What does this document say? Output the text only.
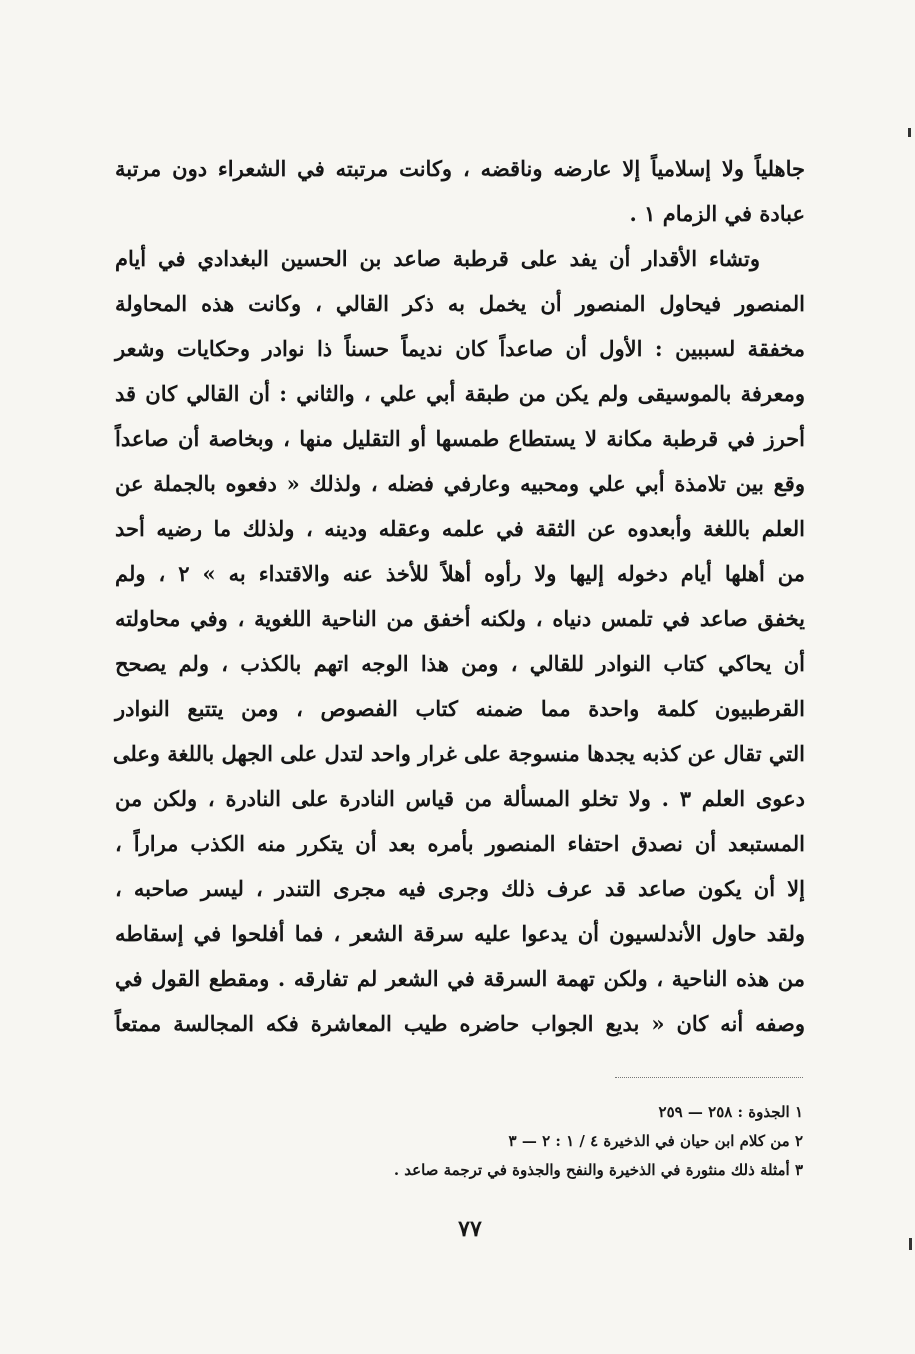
جاهلياً ولا إسلامياً إلا عارضه وناقضه ، وكانت مرتبته في الشعراء دون مرتبة
عبادة في الزمام ١ .
وتشاء الأقدار أن يفد على قرطبة صاعد بن الحسين البغدادي في أيام
المنصور فيحاول المنصور أن يخمل به ذكر القالي ، وكانت هذه المحاولة
مخفقة لسببين : الأول أن صاعداً كان نديماً حسناً ذا نوادر وحكايات وشعر
ومعرفة بالموسيقى ولم يكن من طبقة أبي علي ، والثاني : أن القالي كان قد
أحرز في قرطبة مكانة لا يستطاع طمسها أو التقليل منها ، وبخاصة أن صاعداً
وقع بين تلامذة أبي علي ومحبيه وعارفي فضله ، ولذلك « دفعوه بالجملة عن
العلم باللغة وأبعدوه عن الثقة في علمه وعقله ودينه ، ولذلك ما رضيه أحد
من أهلها أيام دخوله إليها ولا رأوه أهلاً للأخذ عنه والاقتداء به » ٢ ، ولم
يخفق صاعد في تلمس دنياه ، ولكنه أخفق من الناحية اللغوية ، وفي محاولته
أن يحاكي كتاب النوادر للقالي ، ومن هذا الوجه اتهم بالكذب ، ولم يصحح
القرطبيون كلمة واحدة مما ضمنه كتاب الفصوص ، ومن يتتبع النوادر
التي تقال عن كذبه يجدها منسوجة على غرار واحد لتدل على الجهل باللغة وعلى
دعوى العلم ٣ . ولا تخلو المسألة من قياس النادرة على النادرة ، ولكن من
المستبعد أن نصدق احتفاء المنصور بأمره بعد أن يتكرر منه الكذب مراراً ،
إلا أن يكون صاعد قد عرف ذلك وجرى فيه مجرى التندر ، ليسر صاحبه ،
ولقد حاول الأندلسيون أن يدعوا عليه سرقة الشعر ، فما أفلحوا في إسقاطه
من هذه الناحية ، ولكن تهمة السرقة في الشعر لم تفارقه . ومقطع القول في
وصفه أنه كان « بديع الجواب حاضره طيب المعاشرة فكه المجالسة ممتعاً
١ الجذوة : ٢٥٨ — ٢٥٩
٢ من كلام ابن حيان في الذخيرة ٤ / ١ : ٢ — ٣
٣ أمثلة ذلك منثورة في الذخيرة والنفح والجذوة في ترجمة صاعد .
٧٧
